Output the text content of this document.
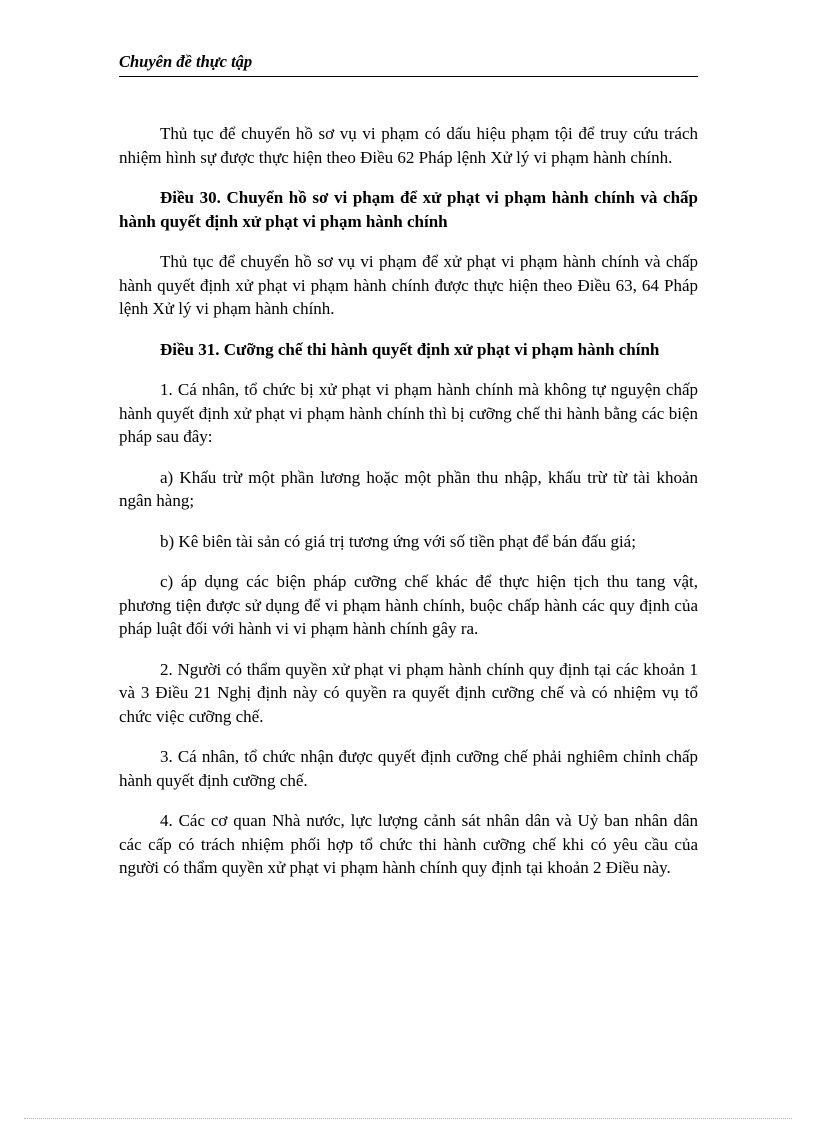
Chuyên đề thực tập

Thủ tục để chuyển hồ sơ vụ vi phạm có dấu hiệu phạm tội để truy cứu trách nhiệm hình sự được thực hiện theo Điều 62 Pháp lệnh Xử lý vi phạm hành chính.

Điều 30. Chuyển hồ sơ vi phạm để xử phạt vi phạm hành chính và chấp hành quyết định xử phạt vi phạm hành chính

Thủ tục để chuyển hồ sơ vụ vi phạm để xử phạt vi phạm hành chính và chấp hành quyết định xử phạt vi phạm hành chính được thực hiện theo Điều 63, 64 Pháp lệnh Xử lý vi phạm hành chính.

Điều 31. Cưỡng chế thi hành quyết định xử phạt vi phạm hành chính

1. Cá nhân, tổ chức bị xử phạt vi phạm hành chính mà không tự nguyện chấp hành quyết định xử phạt vi phạm hành chính thì bị cưỡng chế thi hành bằng các biện pháp sau đây:

a) Khấu trừ một phần lương hoặc một phần thu nhập, khấu trừ từ tài khoản ngân hàng;

b) Kê biên tài sản có giá trị tương ứng với số tiền phạt để bán đấu giá;

c) áp dụng các biện pháp cưỡng chế khác để thực hiện tịch thu tang vật, phương tiện được sử dụng để vi phạm hành chính, buộc chấp hành các quy định của pháp luật đối với hành vi vi phạm hành chính gây ra.

2. Người có thẩm quyền xử phạt vi phạm hành chính quy định tại các khoản 1 và 3 Điều 21 Nghị định này có quyền ra quyết định cưỡng chế và có nhiệm vụ tổ chức việc cưỡng chế.

3. Cá nhân, tổ chức nhận được quyết định cưỡng chế phải nghiêm chỉnh chấp hành quyết định cưỡng chế.

4. Các cơ quan Nhà nước, lực lượng cảnh sát nhân dân và Uỷ ban nhân dân các cấp có trách nhiệm phối hợp tổ chức thi hành cưỡng chế khi có yêu cầu của người có thẩm quyền xử phạt vi phạm hành chính quy định tại khoản 2 Điều này.
